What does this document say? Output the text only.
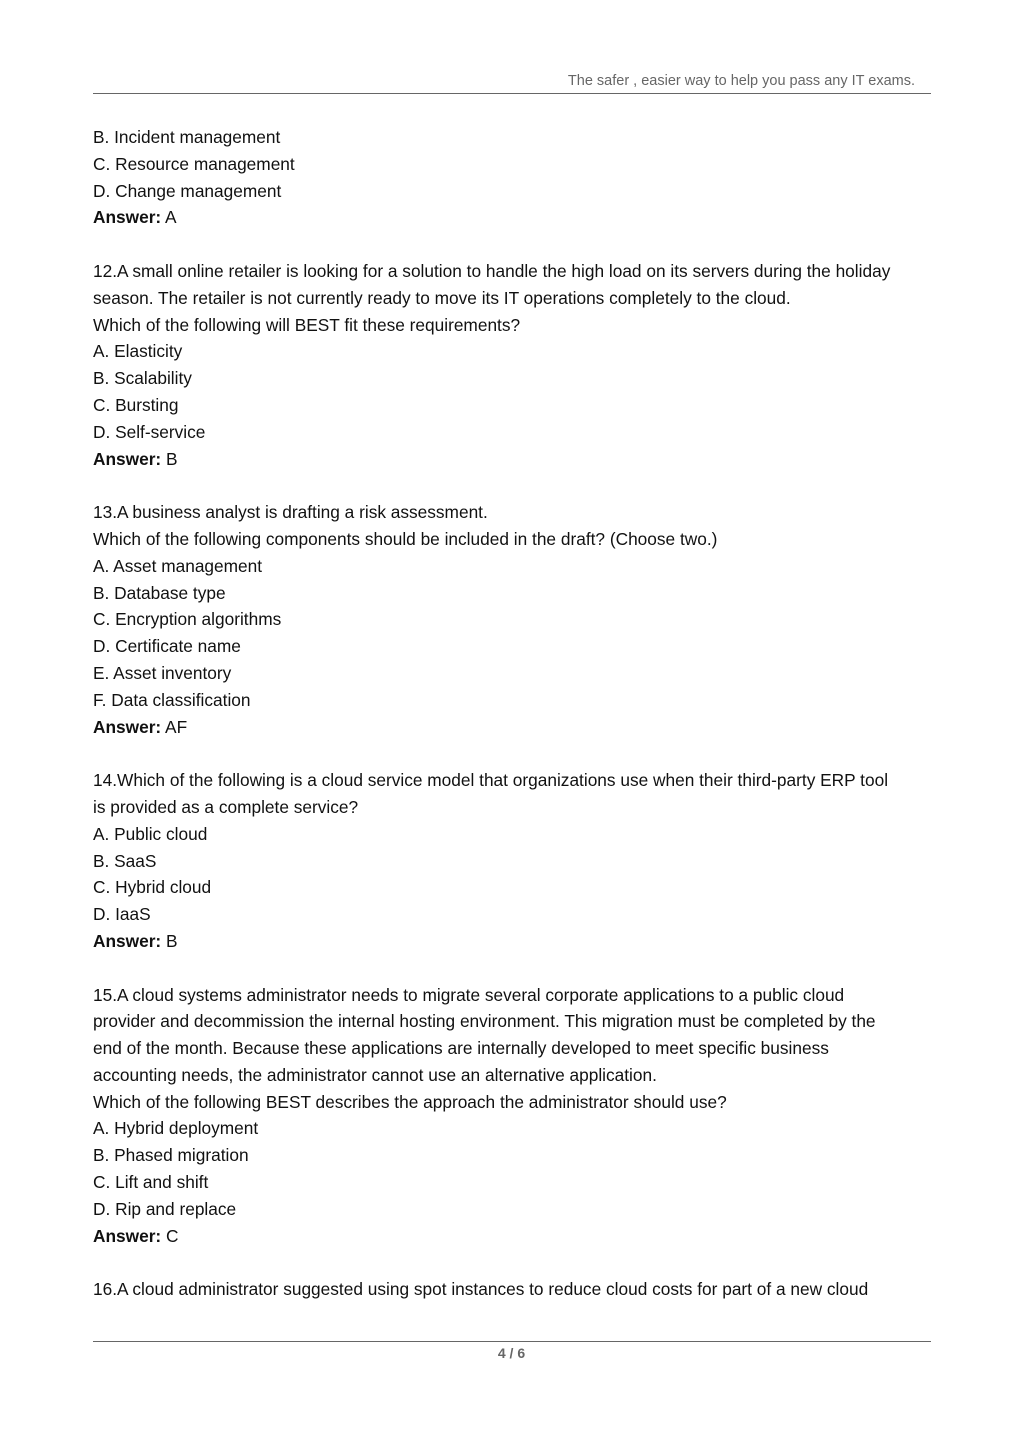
The safer , easier way to help you pass any IT exams.
B. Incident management
C. Resource management
D. Change management
Answer: A
12.A small online retailer is looking for a solution to handle the high load on its servers during the holiday
season. The retailer is not currently ready to move its IT operations completely to the cloud.
Which of the following will BEST fit these requirements?
A. Elasticity
B. Scalability
C. Bursting
D. Self-service
Answer: B
13.A business analyst is drafting a risk assessment.
Which of the following components should be included in the draft? (Choose two.)
A. Asset management
B. Database type
C. Encryption algorithms
D. Certificate name
E. Asset inventory
F. Data classification
Answer: AF
14.Which of the following is a cloud service model that organizations use when their third-party ERP tool
is provided as a complete service?
A. Public cloud
B. SaaS
C. Hybrid cloud
D. IaaS
Answer: B
15.A cloud systems administrator needs to migrate several corporate applications to a public cloud
provider and decommission the internal hosting environment. This migration must be completed by the
end of the month. Because these applications are internally developed to meet specific business
accounting needs, the administrator cannot use an alternative application.
Which of the following BEST describes the approach the administrator should use?
A. Hybrid deployment
B. Phased migration
C. Lift and shift
D. Rip and replace
Answer: C
16.A cloud administrator suggested using spot instances to reduce cloud costs for part of a new cloud
4 / 6
